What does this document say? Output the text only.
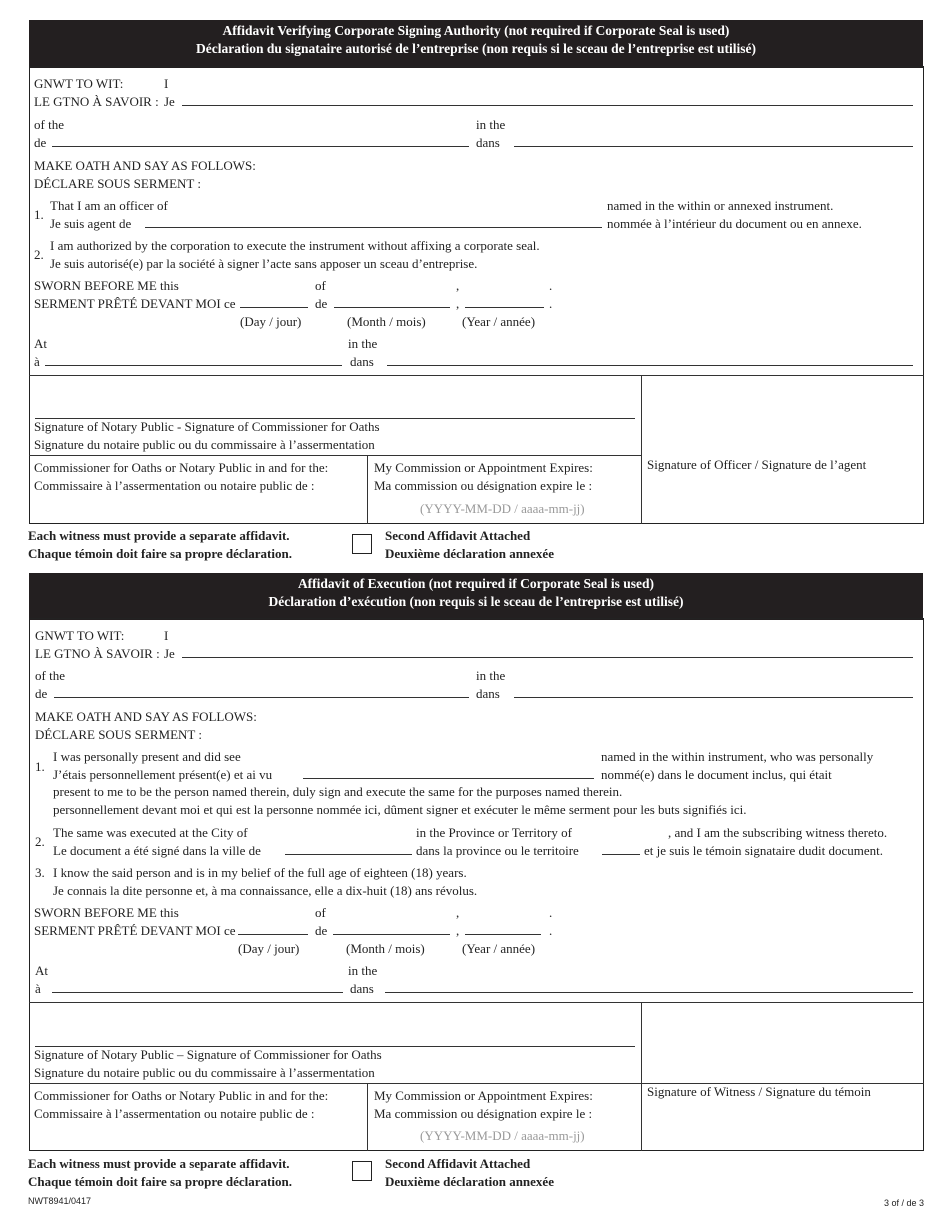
Affidavit Verifying Corporate Signing Authority (not required if Corporate Seal is used)
Déclaration du signataire autorisé de l’entreprise (non requis si le sceau de l’entreprise est utilisé)
GNWT TO WIT:
LE GTNO À SAVOIR :
I
Je
of the
de
in the
dans
MAKE OATH AND SAY AS FOLLOWS:
DÉCLARE SOUS SERMENT :
1.
That I am an officer of
Je suis agent de
named in the within or annexed instrument.
nommée à l’intérieur du document ou en annexe.
2.
I am authorized by the corporation to execute the instrument without affixing a corporate seal.
Je suis autorisé(e) par la société à signer l’acte sans apposer un sceau d’entreprise.
SWORN BEFORE ME this
SERMENT PRÊTÉ DEVANT MOI ce
of
de
,
,
.
.
(Day / jour)	(Month / mois)	(Year / année)
At
à
in the
dans
Signature of Notary Public - Signature of Commissioner for Oaths
Signature du notaire public ou du commissaire à l’assermentation
Commissioner for Oaths or Notary Public in and for the:
Commissaire à l’assermentation ou notaire public de :
My Commission or Appointment Expires:
Ma commission ou désignation expire le :
(YYYY-MM-DD / aaaa-mm-jj)
Signature of Officer / Signature de l’agent
Each witness must provide a separate affidavit.
Chaque témoin doit faire sa propre déclaration.
Second Affidavit Attached
Deuxième déclaration annexée
Affidavit of Execution (not required if Corporate Seal is used)
Déclaration d’exécution (non requis si le sceau de l’entreprise est utilisé)
GNWT TO WIT:
LE GTNO À SAVOIR :
I
Je
of the
de
in the
dans
MAKE OATH AND SAY AS FOLLOWS:
DÉCLARE SOUS SERMENT :
1.
I was personally present and did see
J’étais personnellement présent(e) et ai vu
named in the within instrument, who was personally
nommé(e) dans le document inclus, qui était
present to me to be the person named therein, duly sign and execute the same for the purposes named therein.
personnellement devant moi et qui est la personne nommée ici, dûment signer et exécuter le même serment pour les buts signifiés ici.
2.
The same was executed at the City of
Le document a été signé dans la ville de
in the Province or Territory of
dans la province ou le territoire
, and I am the subscribing witness thereto.
et je suis le témoin signataire dudit document.
3. I know the said person and is in my belief of the full age of eighteen (18) years.
Je connais la dite personne et, à ma connaissance, elle a dix-huit (18) ans révolus.
SWORN BEFORE ME this
SERMENT PRÊTÉ DEVANT MOI ce
of
de
,
,
.
.
(Day / jour)	(Month / mois)	(Year / année)
At
à
in the
dans
Signature of Notary Public – Signature of Commissioner for Oaths
Signature du notaire public ou du commissaire à l’assermentation
Commissioner for Oaths or Notary Public in and for the:
Commissaire à l’assermentation ou notaire public de :
My Commission or Appointment Expires:
Ma commission ou désignation expire le :
(YYYY-MM-DD / aaaa-mm-jj)
Signature of Witness / Signature du témoin
Each witness must provide a separate affidavit.
Chaque témoin doit faire sa propre déclaration.
Second Affidavit Attached
Deuxième déclaration annexée
NWT8941/0417	3 of / de 3
